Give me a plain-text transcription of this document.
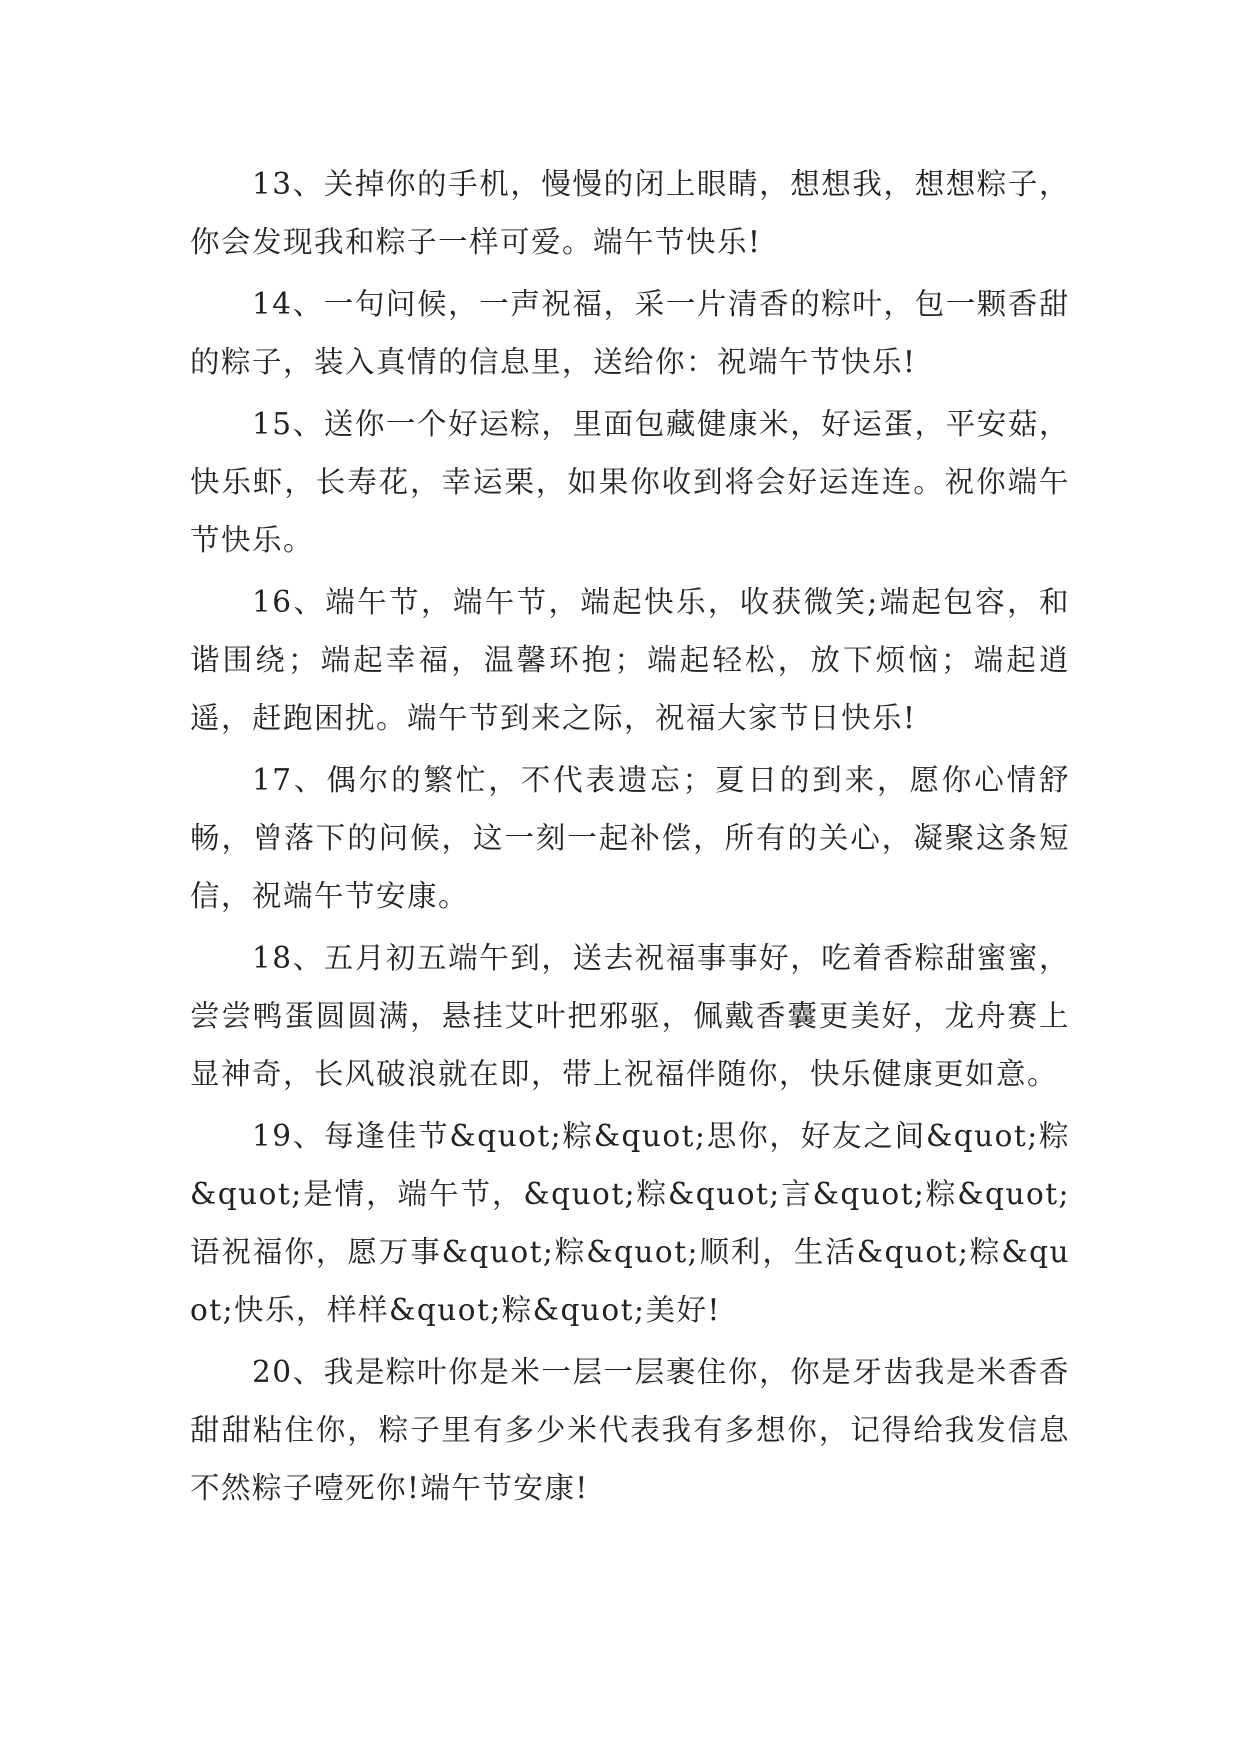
13、关掉你的手机，慢慢的闭上眼睛，想想我，想想粽子，你会发现我和粽子一样可爱。端午节快乐!

14、一句问候，一声祝福，采一片清香的粽叶，包一颗香甜的粽子，装入真情的信息里，送给你：祝端午节快乐!

15、送你一个好运粽，里面包藏健康米，好运蛋，平安菇，快乐虾，长寿花，幸运栗，如果你收到将会好运连连。祝你端午节快乐。

16、端午节，端午节，端起快乐，收获微笑;端起包容，和谐围绕；端起幸福，温馨环抱；端起轻松，放下烦恼；端起逍遥，赶跑困扰。端午节到来之际，祝福大家节日快乐!

17、偶尔的繁忙，不代表遗忘；夏日的到来，愿你心情舒畅，曾落下的问候，这一刻一起补偿，所有的关心，凝聚这条短信，祝端午节安康。

18、五月初五端午到，送去祝福事事好，吃着香粽甜蜜蜜，尝尝鸭蛋圆圆满，悬挂艾叶把邪驱，佩戴香囊更美好，龙舟赛上显神奇，长风破浪就在即，带上祝福伴随你，快乐健康更如意。

19、每逢佳节&quot;粽&quot;思你，好友之间&quot;粽&quot;是情，端午节，&quot;粽&quot;言&quot;粽&quot;语祝福你，愿万事&quot;粽&quot;顺利，生活&quot;粽&quot;快乐，样样&quot;粽&quot;美好!

20、我是粽叶你是米一层一层裹住你，你是牙齿我是米香香甜甜粘住你，粽子里有多少米代表我有多想你，记得给我发信息不然粽子噎死你!端午节安康!
